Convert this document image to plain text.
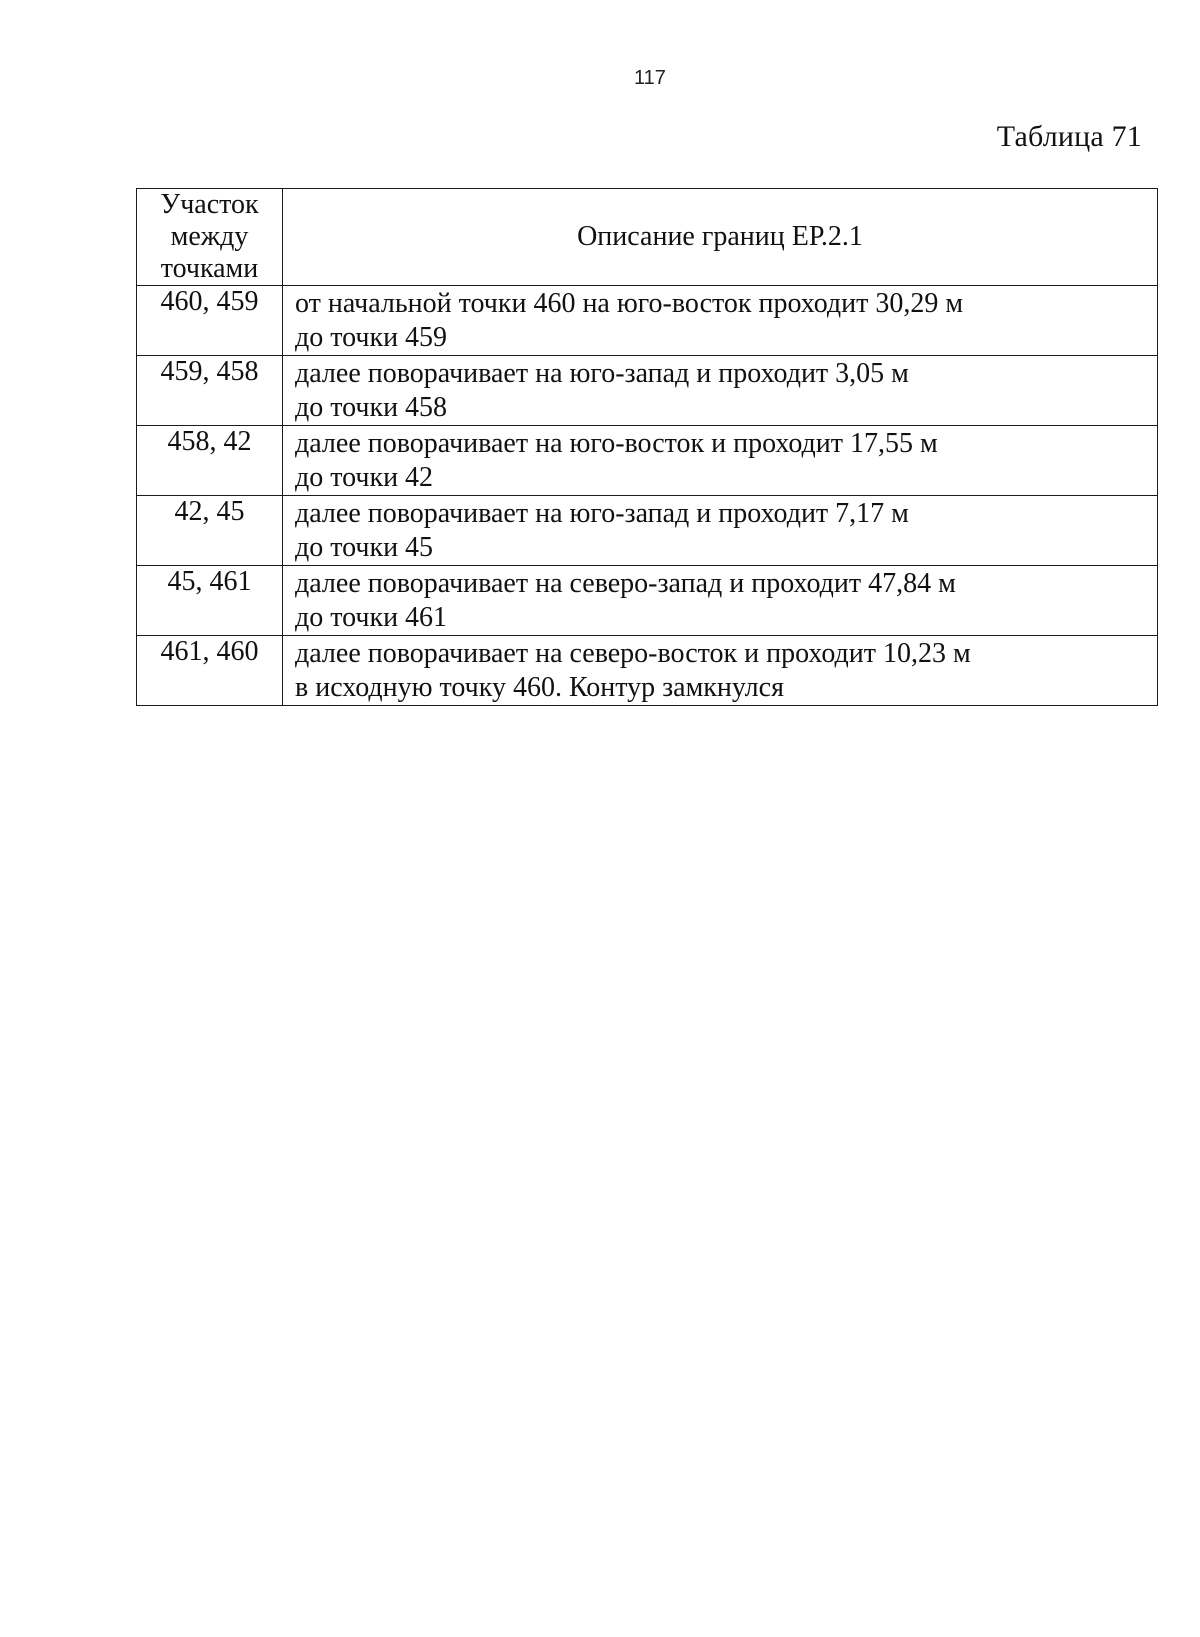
117
Таблица 71
Участок
между
точками	Описание границ ЕР.2.1
460, 459	от начальной точки 460 на юго-восток проходит 30,29 м
до точки 459

459, 458	далее поворачивает на юго-запад и проходит 3,05 м
до точки 458

458, 42	далее поворачивает на юго-восток и проходит 17,55 м
до точки 42

42, 45	далее поворачивает на юго-запад и проходит 7,17 м
до точки 45

45, 461	далее поворачивает на северо-запад и проходит 47,84 м
до точки 461

461, 460	далее поворачивает на северо-восток и проходит 10,23 м
в исходную точку 460. Контур замкнулся
